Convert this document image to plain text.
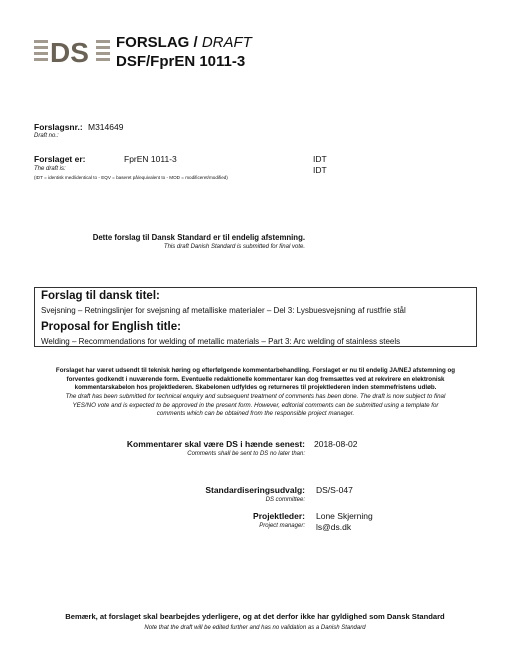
DS FORSLAG / DRAFT
DSF/FprEN 1011-3
Forslagsnr.: M314649
Draft no.:
Forslaget er:	FprEN 1011-3	IDT
The draft is:	IDT
(IDT = identisk med/identical to - EQV = baseret på/equivalent to - MOD = modificeret/modified)
Dette forslag til Dansk Standard er til endelig afstemning.
This draft Danish Standard is submitted for final vote.
Forslag til dansk titel:
Svejsning – Retningslinjer for svejsning af metalliske materialer – Del 3: Lysbuesvejsning af rustfrie stål
Proposal for English title:
Welding – Recommendations for welding of metallic materials – Part 3: Arc welding of stainless steels
Forslaget har været udsendt til teknisk høring og efterfølgende kommentarbehandling. Forslaget er nu til endelig JA/NEJ afstemning og
forventes godkendt i nuværende form. Eventuelle redaktionelle kommentarer kan dog fremsættes ved at rekvirere en elektronisk
kommentarskabelon hos projektlederen. Skabelonen udfyldes og returneres til projektlederen inden stemmefristens udløb.
The draft has been submitted for technical enquiry and subsequent treatment of comments has been done. The draft is now subject to final
YES/NO vote and is expected to be approved in the present form. However, editorial comments can be submitted using a template for
comments which can be obtained from the responsible project manager.
Kommentarer skal være DS i hænde senest: 2018-08-02
Comments shall be sent to DS no later than:
Standardiseringsudvalg: DS/S-047
DS committee:
Projektleder: Lone Skjerning
Project manager: ls@ds.dk
Bemærk, at forslaget skal bearbejdes yderligere, og at det derfor ikke har gyldighed som Dansk Standard
Note that the draft will be edited further and has no validation as a Danish Standard
